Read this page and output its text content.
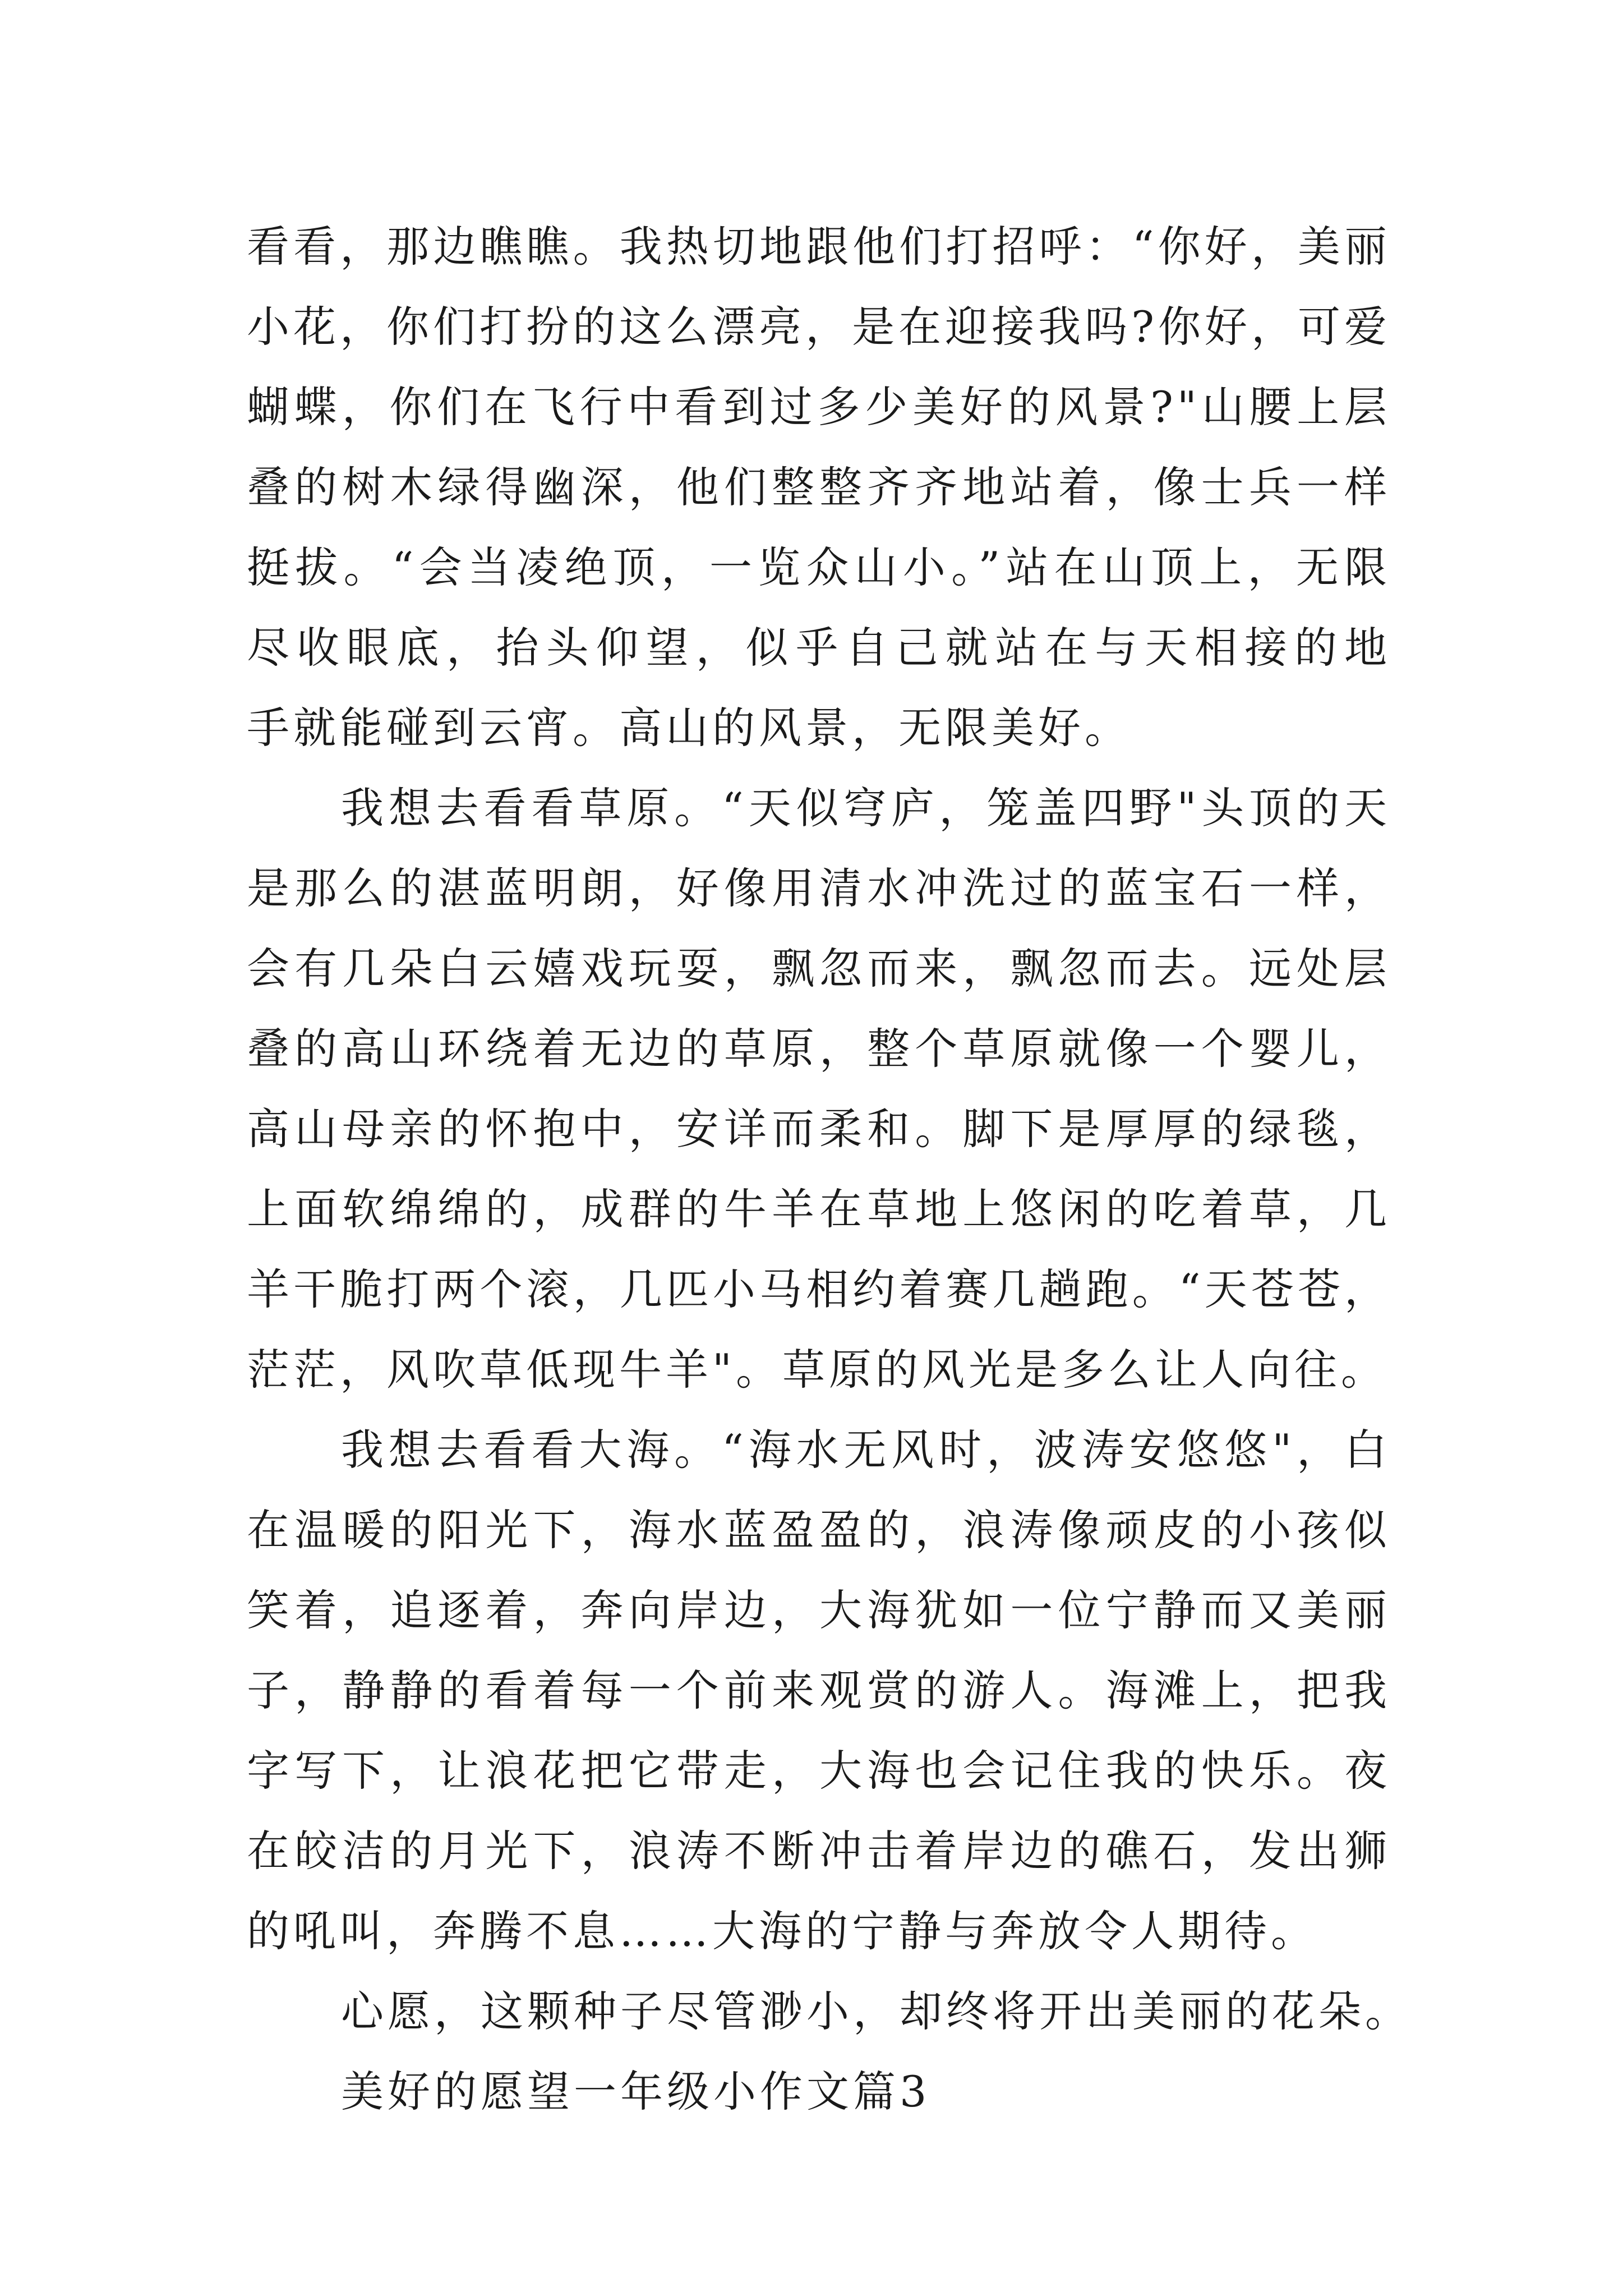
看看，那边瞧瞧。我热切地跟他们打招呼：“你好，美丽
小花，你们打扮的这么漂亮，是在迎接我吗?你好，可爱
蝴蝶，你们在飞行中看到过多少美好的风景?"山腰上层
叠的树木绿得幽深，他们整整齐齐地站着，像士兵一样
挺拔。“会当凌绝顶，一览众山小。”站在山顶上，无限
尽收眼底，抬头仰望，似乎自己就站在与天相接的地
手就能碰到云宵。高山的风景，无限美好。
我想去看看草原。“天似穹庐，笼盖四野"头顶的天
是那么的湛蓝明朗，好像用清水冲洗过的蓝宝石一样，
会有几朵白云嬉戏玩耍，飘忽而来，飘忽而去。远处层
叠的高山环绕着无边的草原，整个草原就像一个婴儿，
高山母亲的怀抱中，安详而柔和。脚下是厚厚的绿毯，
上面软绵绵的，成群的牛羊在草地上悠闲的吃着草，几
羊干脆打两个滚，几匹小马相约着赛几趟跑。“天苍苍，
茫茫，风吹草低现牛羊"。草原的风光是多么让人向往。
我想去看看大海。“海水无风时，波涛安悠悠"，白
在温暖的阳光下，海水蓝盈盈的，浪涛像顽皮的小孩似
笑着，追逐着，奔向岸边，大海犹如一位宁静而又美丽
子，静静的看着每一个前来观赏的游人。海滩上，把我
字写下，让浪花把它带走，大海也会记住我的快乐。夜
在皎洁的月光下，浪涛不断冲击着岸边的礁石，发出狮
的吼叫，奔腾不息……大海的宁静与奔放令人期待。
心愿，这颗种子尽管渺小，却终将开出美丽的花朵。
美好的愿望一年级小作文篇3
